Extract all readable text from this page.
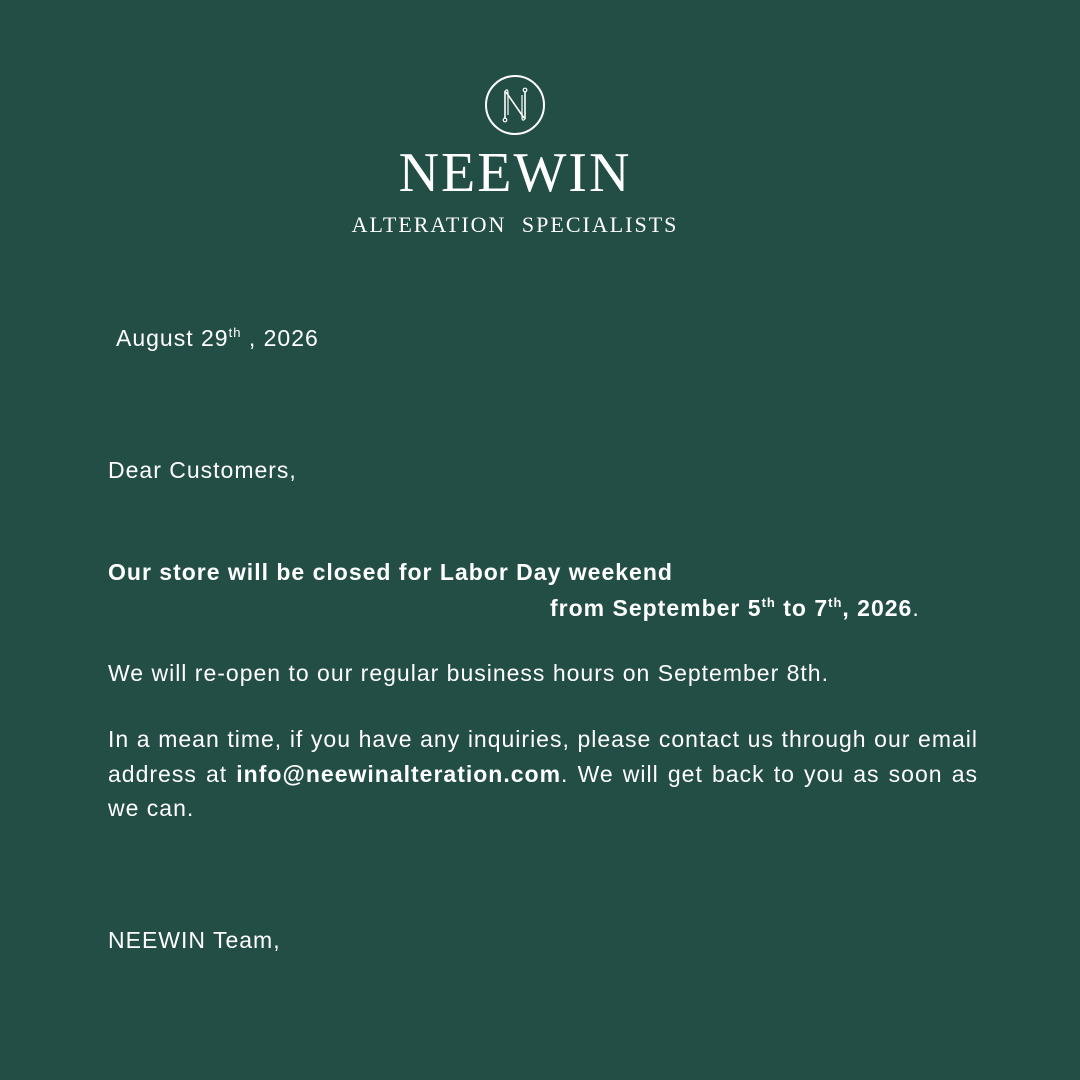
NEEWIN
ALTERATION SPECIALISTS
August 29th , 2026
Dear Customers,
Our store will be closed for Labor Day weekend
from September 5th to 7th, 2026.
We will re-open to our regular business hours on September 8th.

In a mean time, if you have any inquiries, please contact us through our email address at info@neewinalteration.com. We will get back to you as soon as we can.

NEEWIN Team,
